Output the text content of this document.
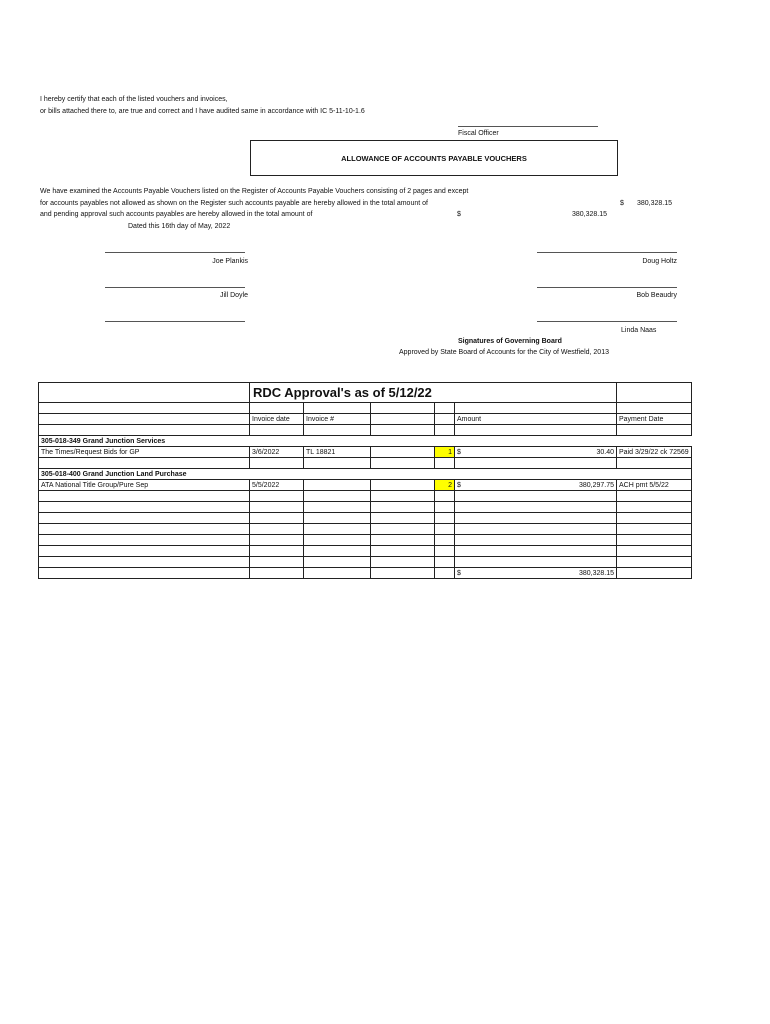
I hereby certify that each of the listed vouchers and invoices,
or bills attached there to, are true and correct and I have audited same in accordance with IC 5-11-10-1.6
Fiscal Officer
ALLOWANCE OF ACCOUNTS PAYABLE VOUCHERS
We have examined the Accounts Payable Vouchers listed on the Register of Accounts Payable Vouchers consisting of 2 pages and except
for accounts payables not allowed as shown on the Register such accounts payable are hereby allowed in the total amount of
and pending approval such accounts payables are hereby allowed in the total amount of
Dated this 16th day of May, 2022
$ 380,328.15
$	380,328.15
Joe Plankis	Doug Holtz
Jill Doyle	Bob Beaudry
Linda Naas
Signatures of Governing Board
Approved by State Board of Accounts for the City of Westfield, 2013
	RDC Approval's as of 5/12/22					

	Invoice date	Invoice #			Amount	Payment Date

305-018-349 Grand Junction Services						
The Times/Request Bids for GP	3/6/2022	TL 18821		1	$ 30.40	Paid 3/29/22 ck 72569

305-018-400 Grand Junction Land Purchase						
ATA National Title Group/Pure Sep	5/5/2022			2	$ 380,297.75	ACH pmt 5/5/22

					$ 380,328.15	
